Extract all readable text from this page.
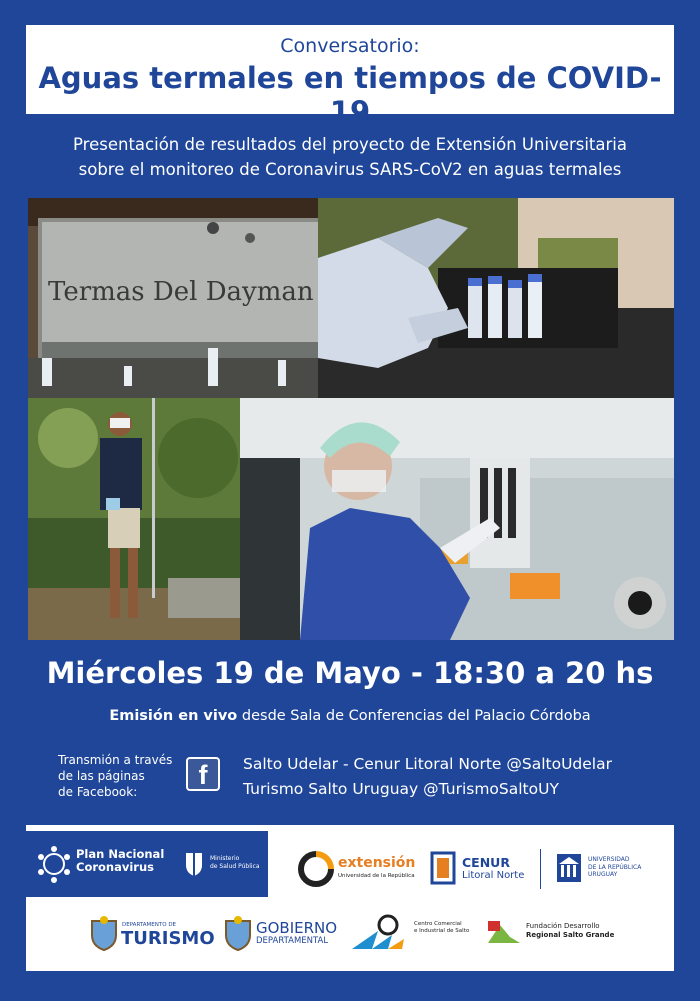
Conversatorio:
Aguas termales en tiempos de COVID-19
Presentación de resultados del proyecto de Extensión Universitaria
sobre el monitoreo de Coronavirus SARS-CoV2 en aguas termales
Termas Del Dayman
Miércoles 19 de Mayo - 18:30 a 20 hs
Emisión en vivo desde Sala de Conferencias del Palacio Córdoba
Transmión a través
de las páginas
de Facebook:
f	Salto Udelar - Cenur Litoral Norte @SaltoUdelar
Turismo Salto Uruguay @TurismoSaltoUY
Plan Nacional
Coronavirus
Ministerio
de Salud Pública	extensión
Universidad de la República
CENUR
Litoral Norte
UNIVERSIDAD
DE LA REPÚBLICA
URUGUAY
DEPARTAMENTO DE
TURISMO	GOBIERNO
DEPARTAMENTAL
Centro Comercial
e Industrial de Salto
Fundación Desarrollo
Regional Salto Grande
